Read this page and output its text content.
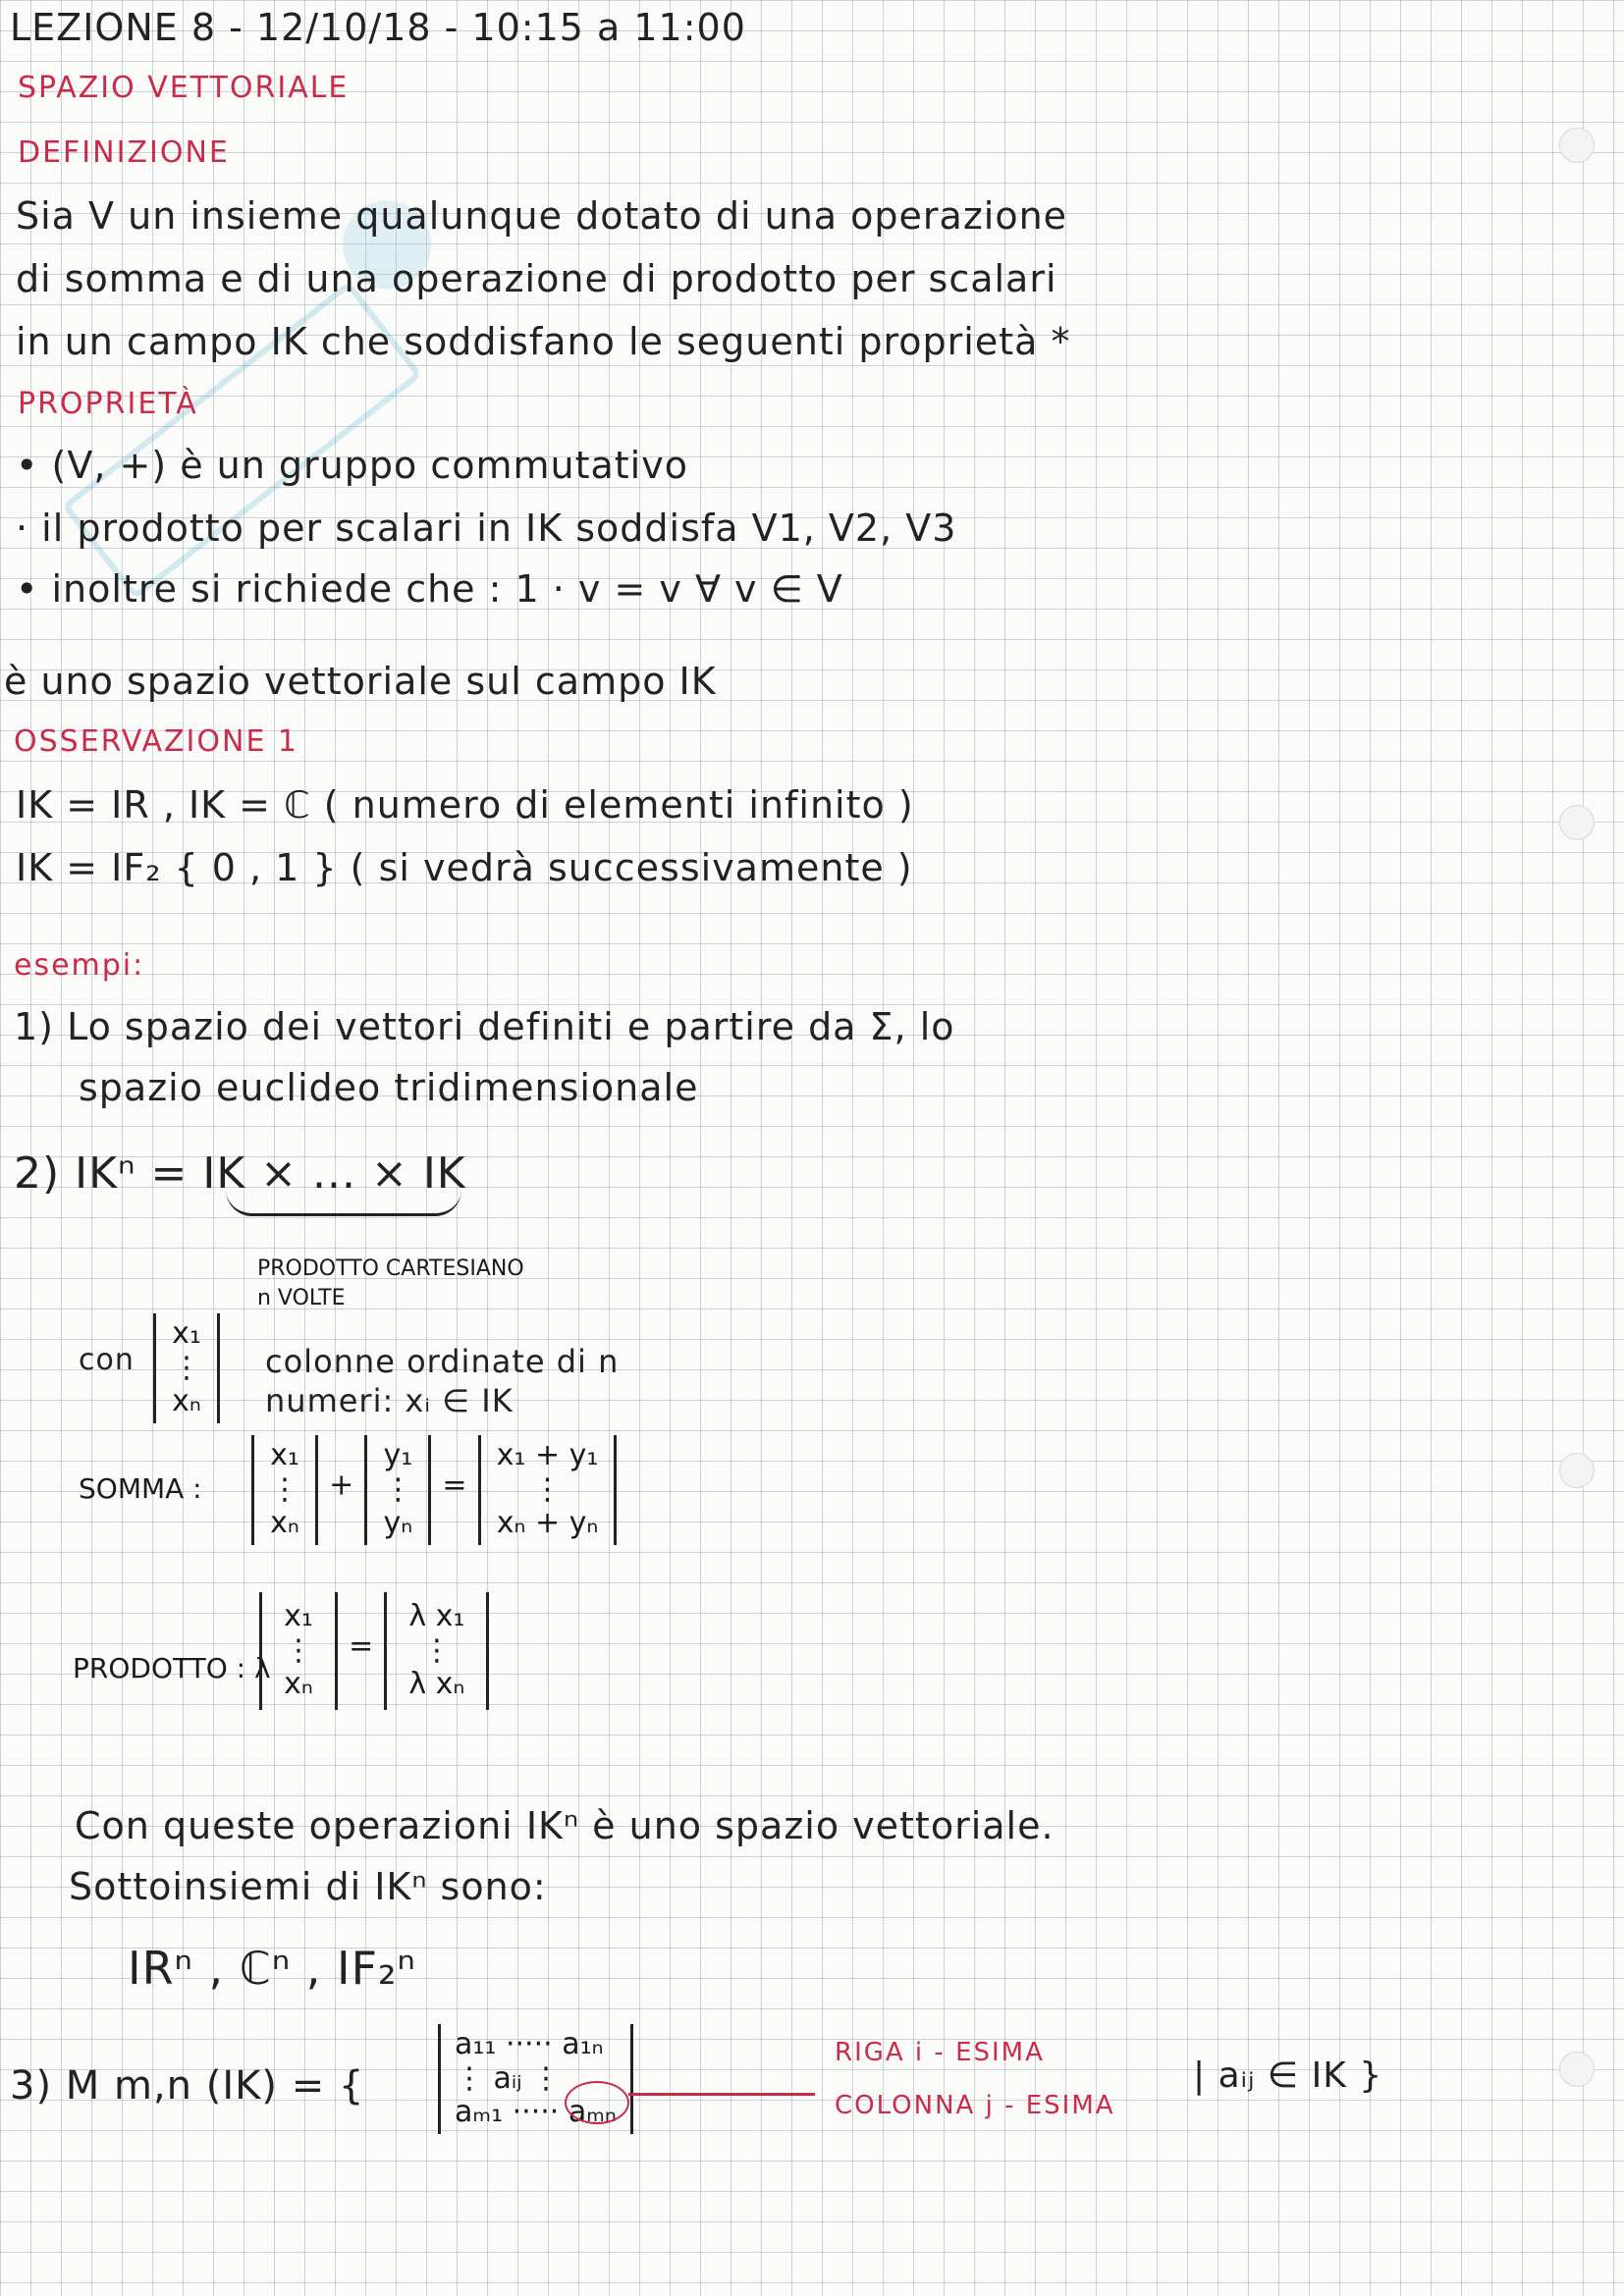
LEZIONE 8 - 12/10/18 - 10:15 a 11:00
SPAZIO VETTORIALE
DEFINIZIONE
Sia V un insieme qualunque dotato di una operazione
di somma e di una operazione di prodotto per scalari
in un campo IK che soddisfano le seguenti proprietà *
PROPRIETÀ
• (V, +) è un gruppo commutativo
· il prodotto per scalari in IK soddisfa V1, V2, V3
• inoltre si richiede che : 1 · v = v ∀ v ∈ V
è uno spazio vettoriale sul campo IK
OSSERVAZIONE 1
IK = IR , IK = ℂ ( numero di elementi infinito )
IK = IF₂ { 0 , 1 } ( si vedrà successivamente )
esempi:
1) Lo spazio dei vettori definiti e partire da Σ, lo
spazio euclideo tridimensionale
2) IKⁿ = IK × ... × IK
PRODOTTO CARTESIANO
n VOLTE
con
x₁
⋮
xₙ
colonne ordinate di n
numeri: xᵢ ∈ IK
SOMMA :
x₁
⋮
xₙ
+
y₁
⋮
yₙ
=
x₁ + y₁
⋮
xₙ + yₙ
PRODOTTO : λ
x₁
⋮
xₙ
=
λ x₁
⋮
λ xₙ
Con queste operazioni IKⁿ è uno spazio vettoriale.
Sottoinsiemi di IKⁿ sono:
IRⁿ , ℂⁿ , IF₂ⁿ
3) M m,n (IK) = {
a₁₁ ····· a₁ₙ
⋮ aᵢⱼ ⋮
aₘ₁ ····· aₘₙ
RIGA i - ESIMA
COLONNA j - ESIMA
| aᵢⱼ ∈ IK }
